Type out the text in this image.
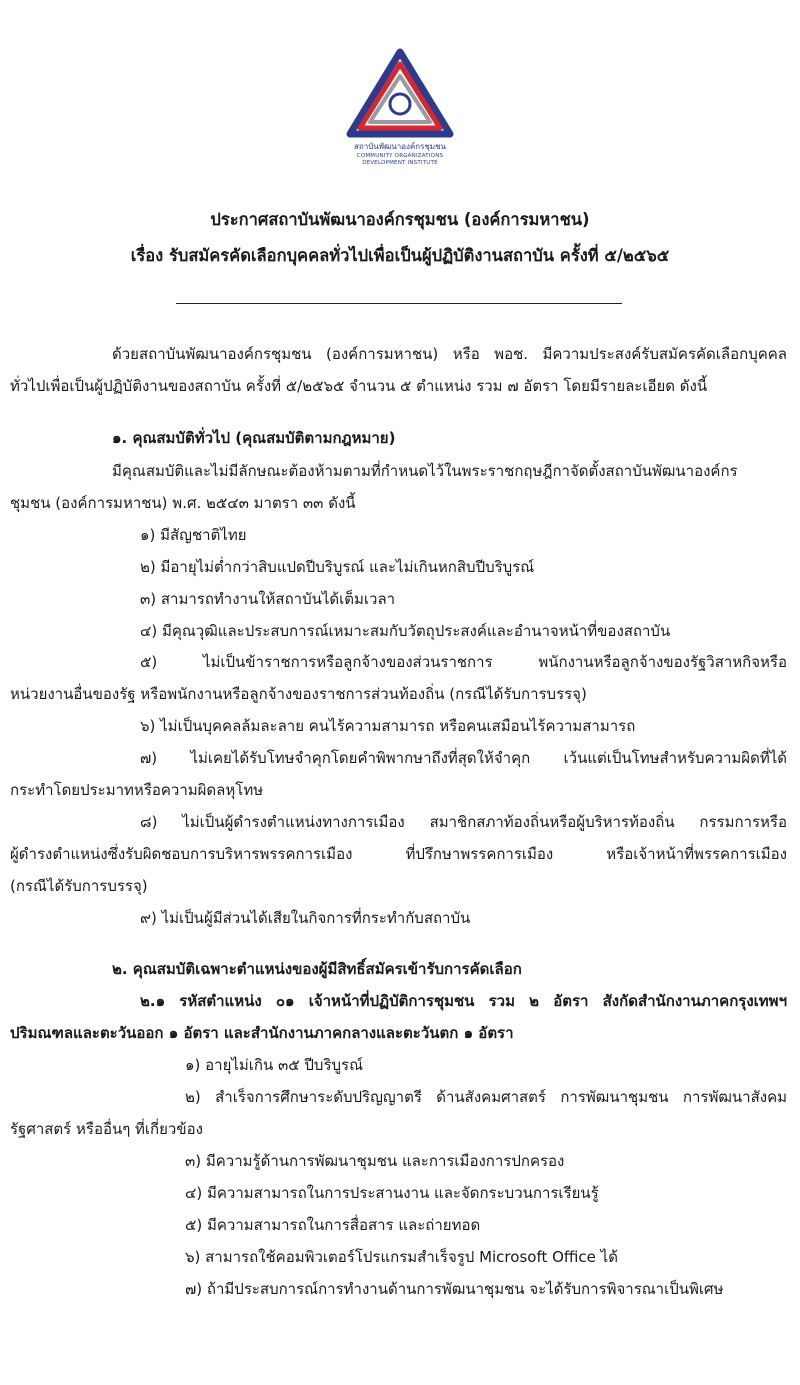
สถาบันพัฒนาองค์กรชุมชน
COMMUNITY ORGANIZATIONS
DEVELOPMENT INSTITUTE
ประกาศสถาบันพัฒนาองค์กรชุมชน (องค์การมหาชน)
เรื่อง รับสมัครคัดเลือกบุคคลทั่วไปเพื่อเป็นผู้ปฏิบัติงานสถาบัน ครั้งที่ ๕/๒๕๖๕
ด้วยสถาบันพัฒนาองค์กรชุมชน (องค์การมหาชน) หรือ พอช. มีความประสงค์รับสมัครคัดเลือกบุคคล
ทั่วไปเพื่อเป็นผู้ปฏิบัติงานของสถาบัน ครั้งที่ ๕/๒๕๖๕ จำนวน ๕ ตำแหน่ง รวม ๗ อัตรา โดยมีรายละเอียด ดังนี้
๑. คุณสมบัติทั่วไป (คุณสมบัติตามกฎหมาย)
มีคุณสมบัติและไม่มีลักษณะต้องห้ามตามที่กำหนดไว้ในพระราชกฤษฎีกาจัดตั้งสถาบันพัฒนาองค์กร
ชุมชน (องค์การมหาชน) พ.ศ. ๒๕๔๓ มาตรา ๓๓ ดังนี้
๑) มีสัญชาติไทย
๒) มีอายุไม่ต่ำกว่าสิบแปดปีบริบูรณ์ และไม่เกินหกสิบปีบริบูรณ์
๓) สามารถทำงานให้สถาบันได้เต็มเวลา
๔) มีคุณวุฒิและประสบการณ์เหมาะสมกับวัตถุประสงค์และอำนาจหน้าที่ของสถาบัน
๕) ไม่เป็นข้าราชการหรือลูกจ้างของส่วนราชการ พนักงานหรือลูกจ้างของรัฐวิสาหกิจหรือ
หน่วยงานอื่นของรัฐ หรือพนักงานหรือลูกจ้างของราชการส่วนท้องถิ่น (กรณีได้รับการบรรจุ)
๖) ไม่เป็นบุคคลล้มละลาย คนไร้ความสามารถ หรือคนเสมือนไร้ความสามารถ
๗) ไม่เคยได้รับโทษจำคุกโดยคำพิพากษาถึงที่สุดให้จำคุก เว้นแต่เป็นโทษสำหรับความผิดที่ได้
กระทำโดยประมาทหรือความผิดลหุโทษ
๘) ไม่เป็นผู้ดำรงตำแหน่งทางการเมือง สมาชิกสภาท้องถิ่นหรือผู้บริหารท้องถิ่น กรรมการหรือ
ผู้ดำรงตำแหน่งซึ่งรับผิดชอบการบริหารพรรคการเมือง ที่ปรึกษาพรรคการเมือง หรือเจ้าหน้าที่พรรคการเมือง
(กรณีได้รับการบรรจุ)
๙) ไม่เป็นผู้มีส่วนได้เสียในกิจการที่กระทำกับสถาบัน
๒. คุณสมบัติเฉพาะตำแหน่งของผู้มีสิทธิ์สมัครเข้ารับการคัดเลือก
๒.๑ รหัสตำแหน่ง ๐๑ เจ้าหน้าที่ปฏิบัติการชุมชน รวม ๒ อัตรา สังกัดสำนักงานภาคกรุงเทพฯ
ปริมณฑลและตะวันออก ๑ อัตรา และสำนักงานภาคกลางและตะวันตก ๑ อัตรา
๑) อายุไม่เกิน ๓๕ ปีบริบูรณ์
๒) สำเร็จการศึกษาระดับปริญญาตรี ด้านสังคมศาสตร์ การพัฒนาชุมชน การพัฒนาสังคม
รัฐศาสตร์ หรืออื่นๆ ที่เกี่ยวข้อง
๓) มีความรู้ด้านการพัฒนาชุมชน และการเมืองการปกครอง
๔) มีความสามารถในการประสานงาน และจัดกระบวนการเรียนรู้
๕) มีความสามารถในการสื่อสาร และถ่ายทอด
๖) สามารถใช้คอมพิวเตอร์โปรแกรมสำเร็จรูป Microsoft Office ได้
๗) ถ้ามีประสบการณ์การทำงานด้านการพัฒนาชุมชน จะได้รับการพิจารณาเป็นพิเศษ
